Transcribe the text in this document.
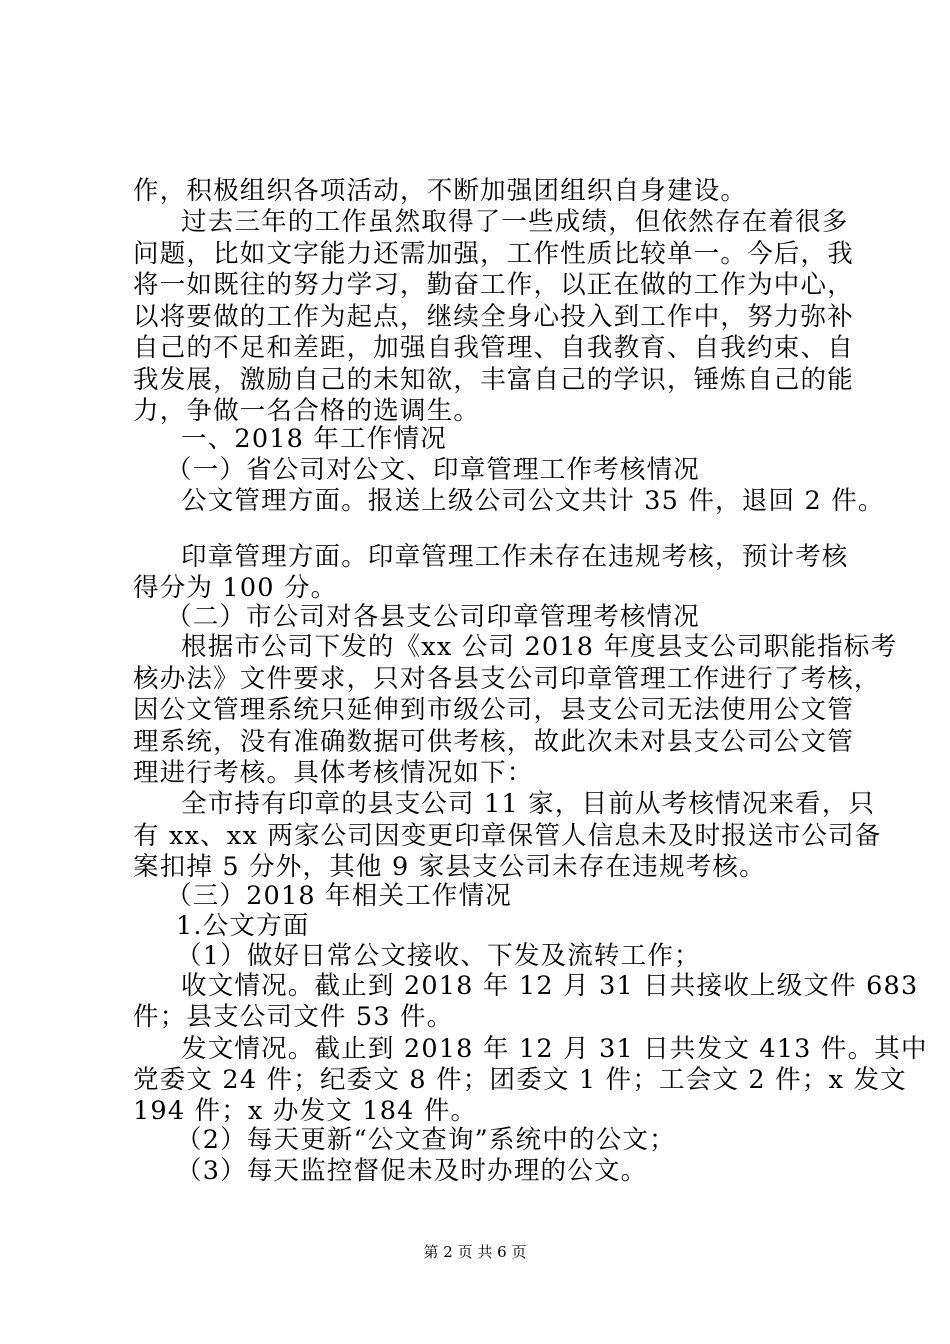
作，积极组织各项活动，不断加强团组织自身建设。
过去三年的工作虽然取得了一些成绩，但依然存在着很多
问题，比如文字能力还需加强，工作性质比较单一。今后，我
将一如既往的努力学习，勤奋工作，以正在做的工作为中心，
以将要做的工作为起点，继续全身心投入到工作中，努力弥补
自己的不足和差距，加强自我管理、自我教育、自我约束、自
我发展，激励自己的未知欲，丰富自己的学识，锤炼自己的能
力，争做一名合格的选调生。
一、2018 年工作情况
（一）省公司对公文、印章管理工作考核情况
公文管理方面。报送上级公司公文共计 35 件，退回 2 件。
印章管理方面。印章管理工作未存在违规考核，预计考核
得分为 100 分。
（二）市公司对各县支公司印章管理考核情况
根据市公司下发的《xx 公司 2018 年度县支公司职能指标考
核办法》文件要求，只对各县支公司印章管理工作进行了考核，
因公文管理系统只延伸到市级公司，县支公司无法使用公文管
理系统，没有准确数据可供考核，故此次未对县支公司公文管
理进行考核。具体考核情况如下：
全市持有印章的县支公司 11 家，目前从考核情况来看，只
有 xx、xx 两家公司因变更印章保管人信息未及时报送市公司备
案扣掉 5 分外，其他 9 家县支公司未存在违规考核。
（三）2018 年相关工作情况
1.公文方面
（1）做好日常公文接收、下发及流转工作；
收文情况。截止到 2018 年 12 月 31 日共接收上级文件 683
件；县支公司文件 53 件。
发文情况。截止到 2018 年 12 月 31 日共发文 413 件。其中
党委文 24 件；纪委文 8 件；团委文 1 件；工会文 2 件；x 发文
194 件；x 办发文 184 件。
（2）每天更新“公文查询”系统中的公文；
（3）每天监控督促未及时办理的公文。
第 2 页 共 6 页
